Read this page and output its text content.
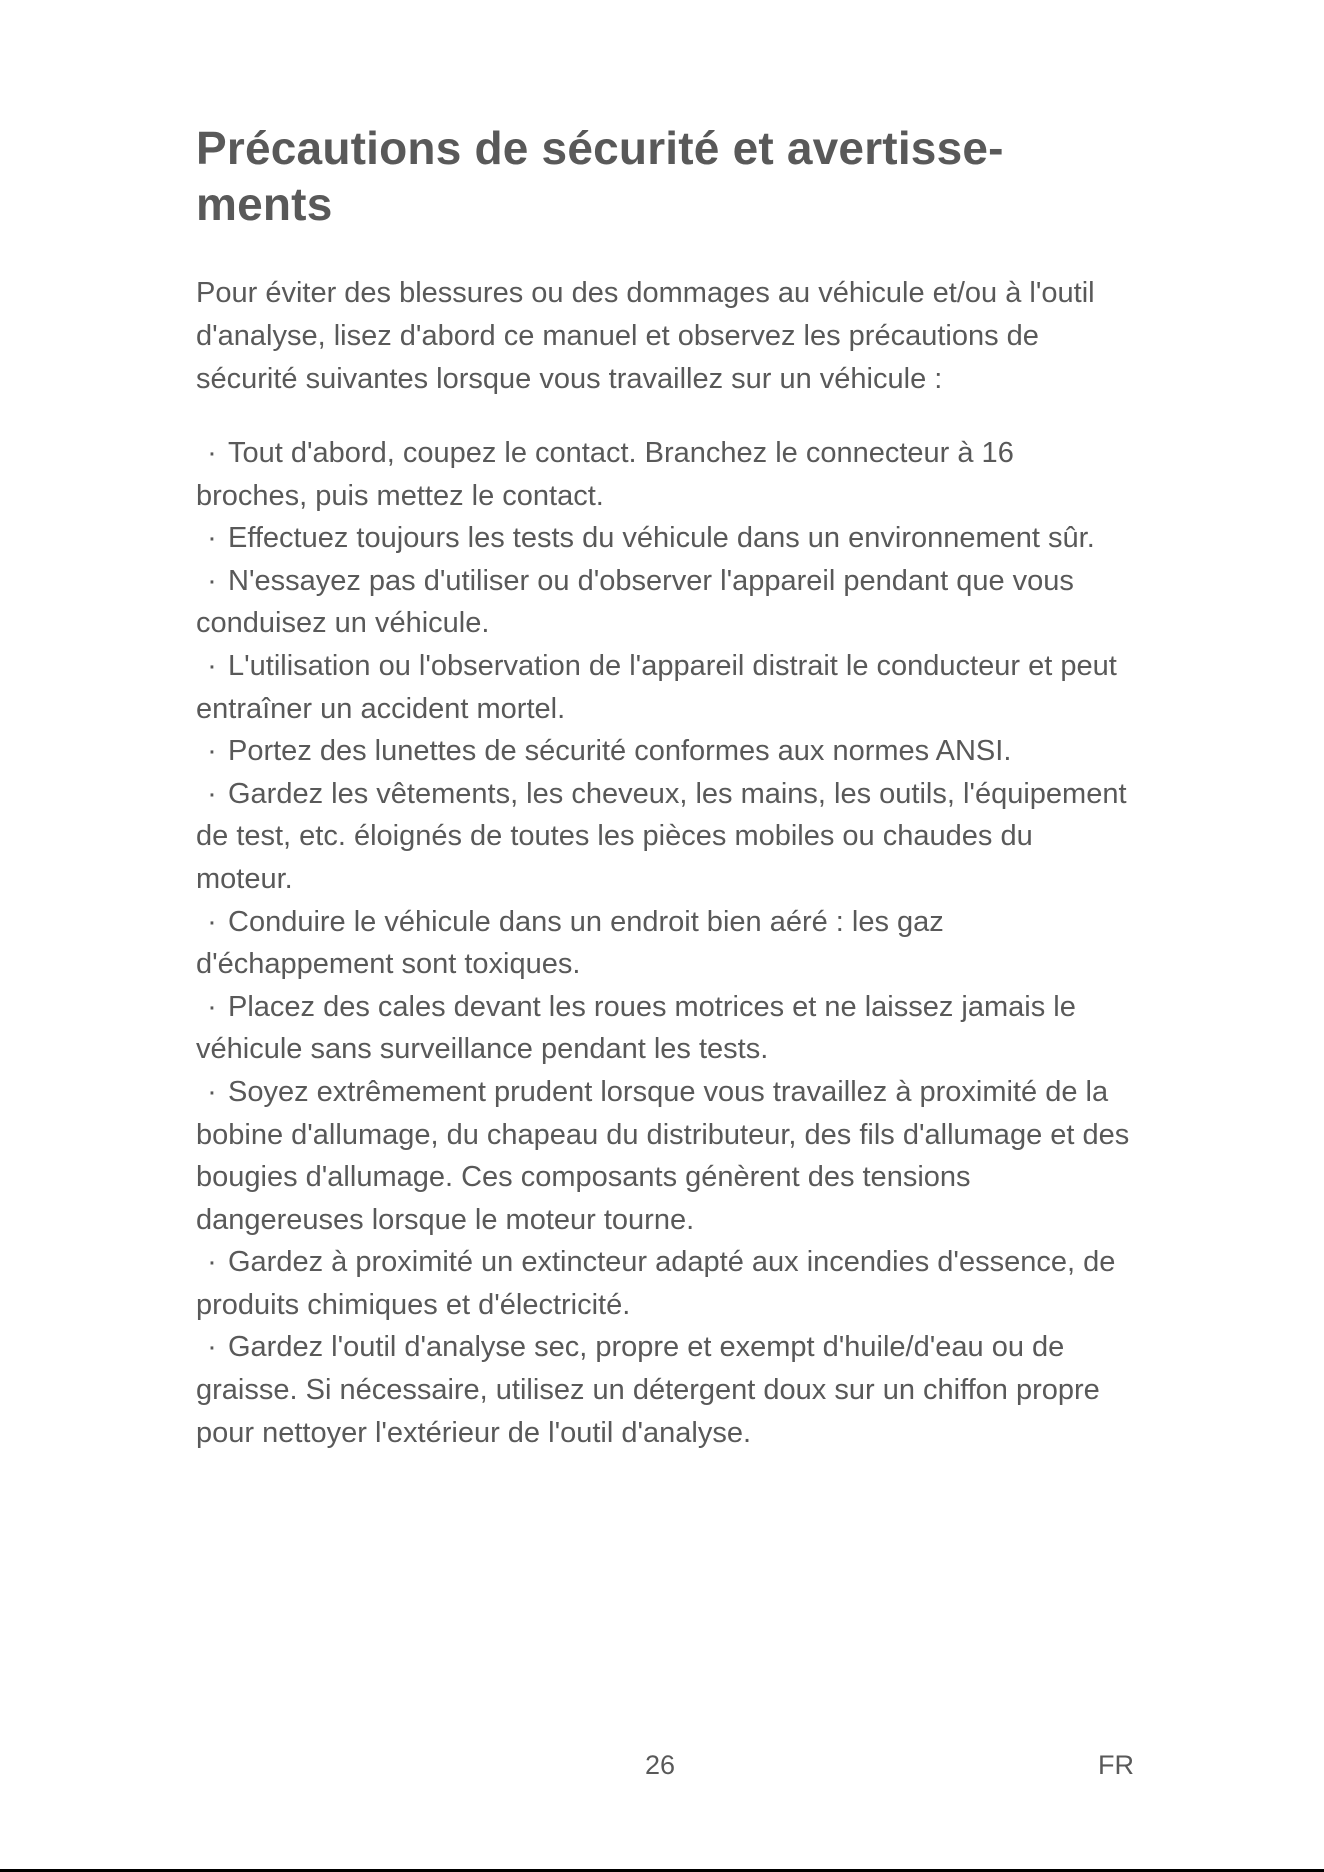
Précautions de sécurité et avertisse-
ments

Pour éviter des blessures ou des dommages au véhicule et/ou à l'outil d'analyse, lisez d'abord ce manuel et observez les précautions de sécurité suivantes lorsque vous travaillez sur un véhicule :

· Tout d'abord, coupez le contact. Branchez le connecteur à 16 broches, puis mettez le contact.
· Effectuez toujours les tests du véhicule dans un environnement sûr.
· N'essayez pas d'utiliser ou d'observer l'appareil pendant que vous conduisez un véhicule.
· L'utilisation ou l'observation de l'appareil distrait le conducteur et peut entraîner un accident mortel.
· Portez des lunettes de sécurité conformes aux normes ANSI.
· Gardez les vêtements, les cheveux, les mains, les outils, l'équipement de test, etc. éloignés de toutes les pièces mobiles ou chaudes du moteur.
· Conduire le véhicule dans un endroit bien aéré : les gaz d'échappement sont toxiques.
· Placez des cales devant les roues motrices et ne laissez jamais le véhicule sans surveillance pendant les tests.
· Soyez extrêmement prudent lorsque vous travaillez à proximité de la bobine d'allumage, du chapeau du distributeur, des fils d'allumage et des bougies d'allumage. Ces composants génèrent des tensions dangereuses lorsque le moteur tourne.
· Gardez à proximité un extincteur adapté aux incendies d'essence, de produits chimiques et d'électricité.
· Gardez l'outil d'analyse sec, propre et exempt d'huile/d'eau ou de graisse. Si nécessaire, utilisez un détergent doux sur un chiffon propre pour nettoyer l'extérieur de l'outil d'analyse.
26	FR
